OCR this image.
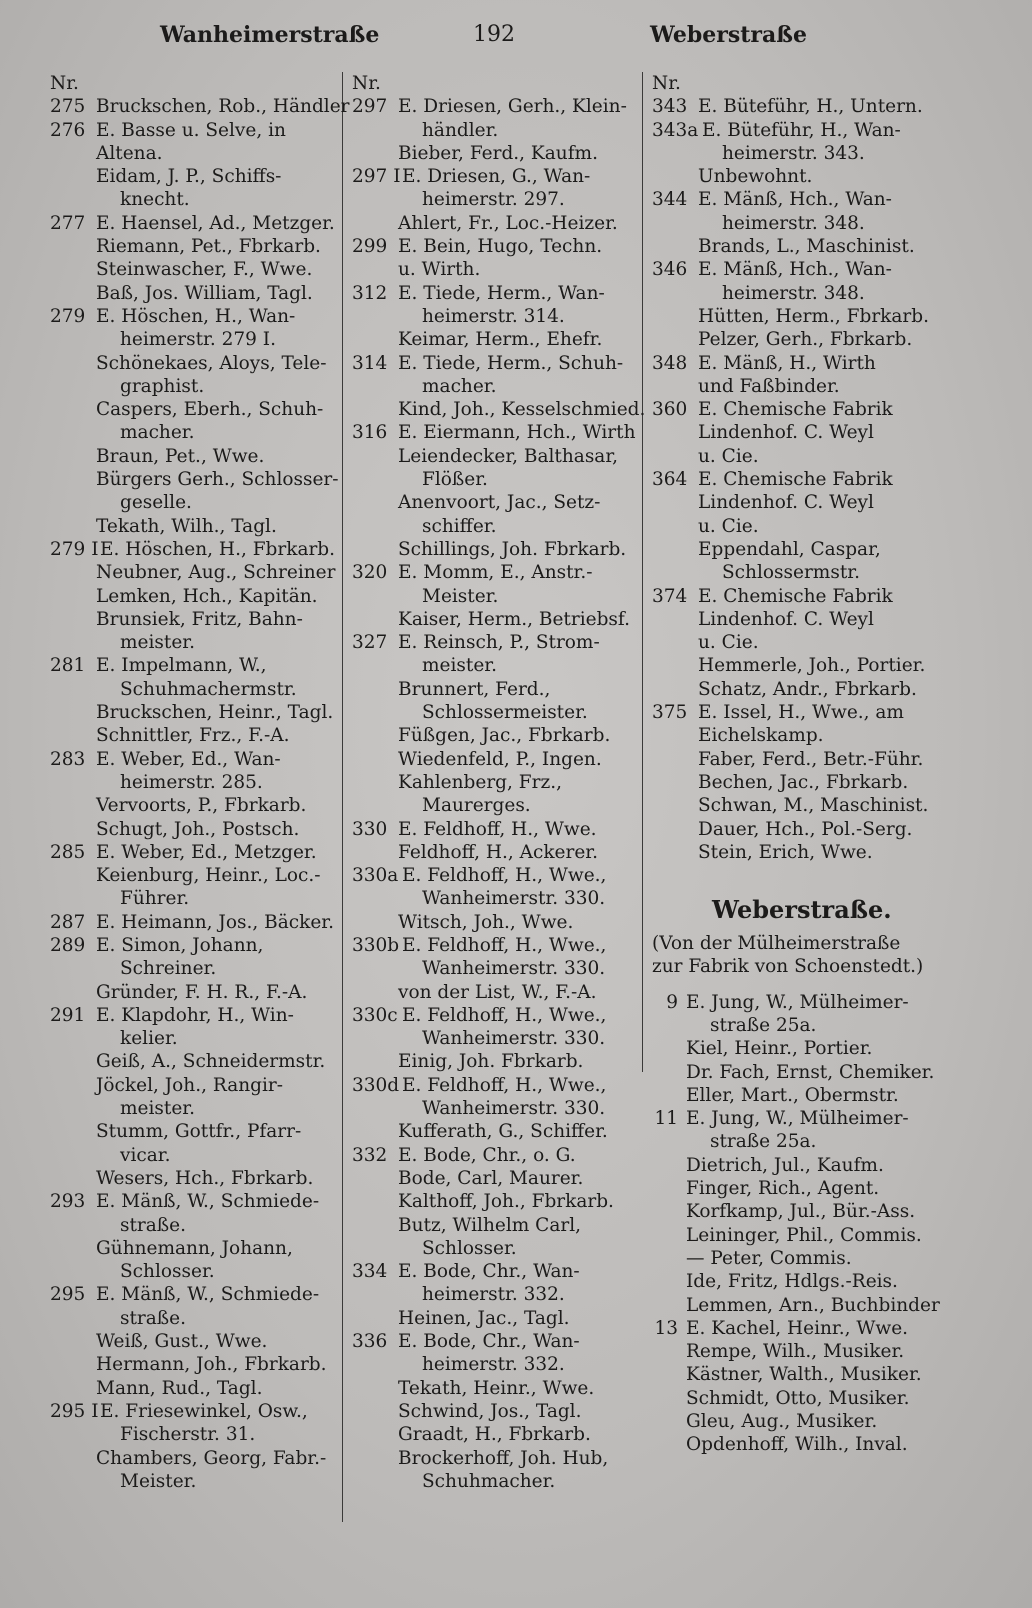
Wanheimerstraße	192	Weberstraße
Nr.
275 Bruckschen, Rob., Händler
276 E. Basse u. Selve, in
Altena.
Eidam, J. P., Schiffs-
knecht.
277 E. Haensel, Ad., Metzger.
Riemann, Pet., Fbrkarb.
Steinwascher, F., Wwe.
Baß, Jos. William, Tagl.
279 E. Höschen, H., Wan-
heimerstr. 279 I.
Schönekaes, Aloys, Tele-
graphist.
Caspers, Eberh., Schuh-
macher.
Braun, Pet., Wwe.
Bürgers Gerh., Schlosser-
geselle.
Tekath, Wilh., Tagl.
279 I E. Höschen, H., Fbrkarb.
Neubner, Aug., Schreiner
Lemken, Hch., Kapitän.
Brunsiek, Fritz, Bahn-
meister.
281 E. Impelmann, W.,
Schuhmachermstr.
Bruckschen, Heinr., Tagl.
Schnittler, Frz., F.-A.
283 E. Weber, Ed., Wan-
heimerstr. 285.
Vervoorts, P., Fbrkarb.
Schugt, Joh., Postsch.
285 E. Weber, Ed., Metzger.
Keienburg, Heinr., Loc.-
Führer.
287 E. Heimann, Jos., Bäcker.
289 E. Simon, Johann,
Schreiner.
Gründer, F. H. R., F.-A.
291 E. Klapdohr, H., Win-
kelier.
Geiß, A., Schneidermstr.
Jöckel, Joh., Rangir-
meister.
Stumm, Gottfr., Pfarr-
vicar.
Wesers, Hch., Fbrkarb.
293 E. Mänß, W., Schmiede-
straße.
Gühnemann, Johann,
Schlosser.
295 E. Mänß, W., Schmiede-
straße.
Weiß, Gust., Wwe.
Hermann, Joh., Fbrkarb.
Mann, Rud., Tagl.
295 I E. Friesewinkel, Osw.,
Fischerstr. 31.
Chambers, Georg, Fabr.-
Meister.
Nr.
297 E. Driesen, Gerh., Klein-
händler.
Bieber, Ferd., Kaufm.
297 I E. Driesen, G., Wan-
heimerstr. 297.
Ahlert, Fr., Loc.-Heizer.
299 E. Bein, Hugo, Techn.
u. Wirth.
312 E. Tiede, Herm., Wan-
heimerstr. 314.
Keimar, Herm., Ehefr.
314 E. Tiede, Herm., Schuh-
macher.
Kind, Joh., Kesselschmied.
316 E. Eiermann, Hch., Wirth
Leiendecker, Balthasar,
Flößer.
Anenvoort, Jac., Setz-
schiffer.
Schillings, Joh. Fbrkarb.
320 E. Momm, E., Anstr.-
Meister.
Kaiser, Herm., Betriebsf.
327 E. Reinsch, P., Strom-
meister.
Brunnert, Ferd.,
Schlossermeister.
Füßgen, Jac., Fbrkarb.
Wiedenfeld, P., Ingen.
Kahlenberg, Frz.,
Maurerges.
330 E. Feldhoff, H., Wwe.
Feldhoff, H., Ackerer.
330a E. Feldhoff, H., Wwe.,
Wanheimerstr. 330.
Witsch, Joh., Wwe.
330b E. Feldhoff, H., Wwe.,
Wanheimerstr. 330.
von der List, W., F.-A.
330c E. Feldhoff, H., Wwe.,
Wanheimerstr. 330.
Einig, Joh. Fbrkarb.
330d E. Feldhoff, H., Wwe.,
Wanheimerstr. 330.
Kufferath, G., Schiffer.
332 E. Bode, Chr., o. G.
Bode, Carl, Maurer.
Kalthoff, Joh., Fbrkarb.
Butz, Wilhelm Carl,
Schlosser.
334 E. Bode, Chr., Wan-
heimerstr. 332.
Heinen, Jac., Tagl.
336 E. Bode, Chr., Wan-
heimerstr. 332.
Tekath, Heinr., Wwe.
Schwind, Jos., Tagl.
Graadt, H., Fbrkarb.
Brockerhoff, Joh. Hub,
Schuhmacher.
Nr.
343 E. Büteführ, H., Untern.
343a E. Büteführ, H., Wan-
heimerstr. 343.
Unbewohnt.
344 E. Mänß, Hch., Wan-
heimerstr. 348.
Brands, L., Maschinist.
346 E. Mänß, Hch., Wan-
heimerstr. 348.
Hütten, Herm., Fbrkarb.
Pelzer, Gerh., Fbrkarb.
348 E. Mänß, H., Wirth
und Faßbinder.
360 E. Chemische Fabrik
Lindenhof. C. Weyl
u. Cie.
364 E. Chemische Fabrik
Lindenhof. C. Weyl
u. Cie.
Eppendahl, Caspar,
Schlossermstr.
374 E. Chemische Fabrik
Lindenhof. C. Weyl
u. Cie.
Hemmerle, Joh., Portier.
Schatz, Andr., Fbrkarb.
375 E. Issel, H., Wwe., am
Eichelskamp.
Faber, Ferd., Betr.-Führ.
Bechen, Jac., Fbrkarb.
Schwan, M., Maschinist.
Dauer, Hch., Pol.-Serg.
Stein, Erich, Wwe.
Weberstraße.
(Von der Mülheimerstraße
zur Fabrik von Schoenstedt.)
9 E. Jung, W., Mülheimer-
straße 25a.
Kiel, Heinr., Portier.
Dr. Fach, Ernst, Chemiker.
Eller, Mart., Obermstr.
11 E. Jung, W., Mülheimer-
straße 25a.
Dietrich, Jul., Kaufm.
Finger, Rich., Agent.
Korfkamp, Jul., Bür.-Ass.
Leininger, Phil., Commis.
— Peter, Commis.
Ide, Fritz, Hdlgs.-Reis.
Lemmen, Arn., Buchbinder
13 E. Kachel, Heinr., Wwe.
Rempe, Wilh., Musiker.
Kästner, Walth., Musiker.
Schmidt, Otto, Musiker.
Gleu, Aug., Musiker.
Opdenhoff, Wilh., Inval.
